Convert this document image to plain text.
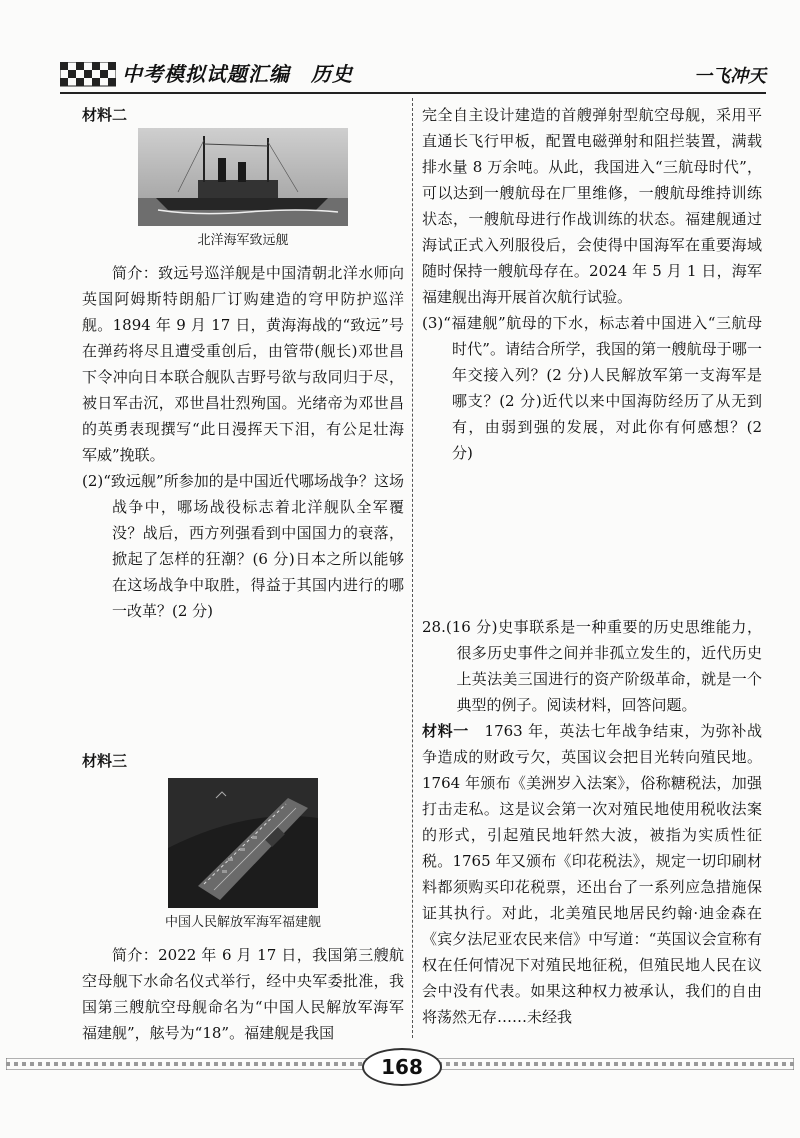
中考模拟试题汇编　历史	一飞冲天
材料二
北洋海军致远舰

简介：致远号巡洋舰是中国清朝北洋水师向英国阿姆斯特朗船厂订购建造的穹甲防护巡洋舰。1894 年 9 月 17 日，黄海海战的“致远”号在弹药将尽且遭受重创后，由管带(舰长)邓世昌下令冲向日本联合舰队吉野号欲与敌同归于尽，被日军击沉，邓世昌壮烈殉国。光绪帝为邓世昌的英勇表现撰写“此日漫挥天下泪，有公足壮海军威”挽联。

(2)“致远舰”所参加的是中国近代哪场战争？这场战争中，哪场战役标志着北洋舰队全军覆没？战后，西方列强看到中国国力的衰落，掀起了怎样的狂潮？(6 分)日本之所以能够在这场战争中取胜，得益于其国内进行的哪一改革？(2 分)

材料三
中国人民解放军海军福建舰

简介：2022 年 6 月 17 日，我国第三艘航空母舰下水命名仪式举行，经中央军委批准，我国第三艘航空母舰命名为“中国人民解放军海军福建舰”，舷号为“18”。福建舰是我国

完全自主设计建造的首艘弹射型航空母舰，采用平直通长飞行甲板，配置电磁弹射和阻拦装置，满载排水量 8 万余吨。从此，我国进入“三航母时代”，可以达到一艘航母在厂里维修，一艘航母维持训练状态，一艘航母进行作战训练的状态。福建舰通过海试正式入列服役后，会使得中国海军在重要海域随时保持一艘航母存在。2024 年 5 月 1 日，海军福建舰出海开展首次航行试验。

(3)“福建舰”航母的下水，标志着中国进入“三航母时代”。请结合所学，我国的第一艘航母于哪一年交接入列？(2 分)人民解放军第一支海军是哪支？(2 分)近代以来中国海防经历了从无到有，由弱到强的发展，对此你有何感想？(2 分)

28.(16 分)史事联系是一种重要的历史思维能力，很多历史事件之间并非孤立发生的，近代历史上英法美三国进行的资产阶级革命，就是一个典型的例子。阅读材料，回答问题。

材料一　1763 年，英法七年战争结束，为弥补战争造成的财政亏欠，英国议会把目光转向殖民地。1764 年颁布《美洲岁入法案》，俗称糖税法，加强打击走私。这是议会第一次对殖民地使用税收法案的形式，引起殖民地轩然大波，被指为实质性征税。1765 年又颁布《印花税法》，规定一切印刷材料都须购买印花税票，还出台了一系列应急措施保证其执行。对此，北美殖民地居民约翰·迪金森在《宾夕法尼亚农民来信》中写道：“英国议会宣称有权在任何情况下对殖民地征税，但殖民地人民在议会中没有代表。如果这种权力被承认，我们的自由将荡然无存……未经我

168
